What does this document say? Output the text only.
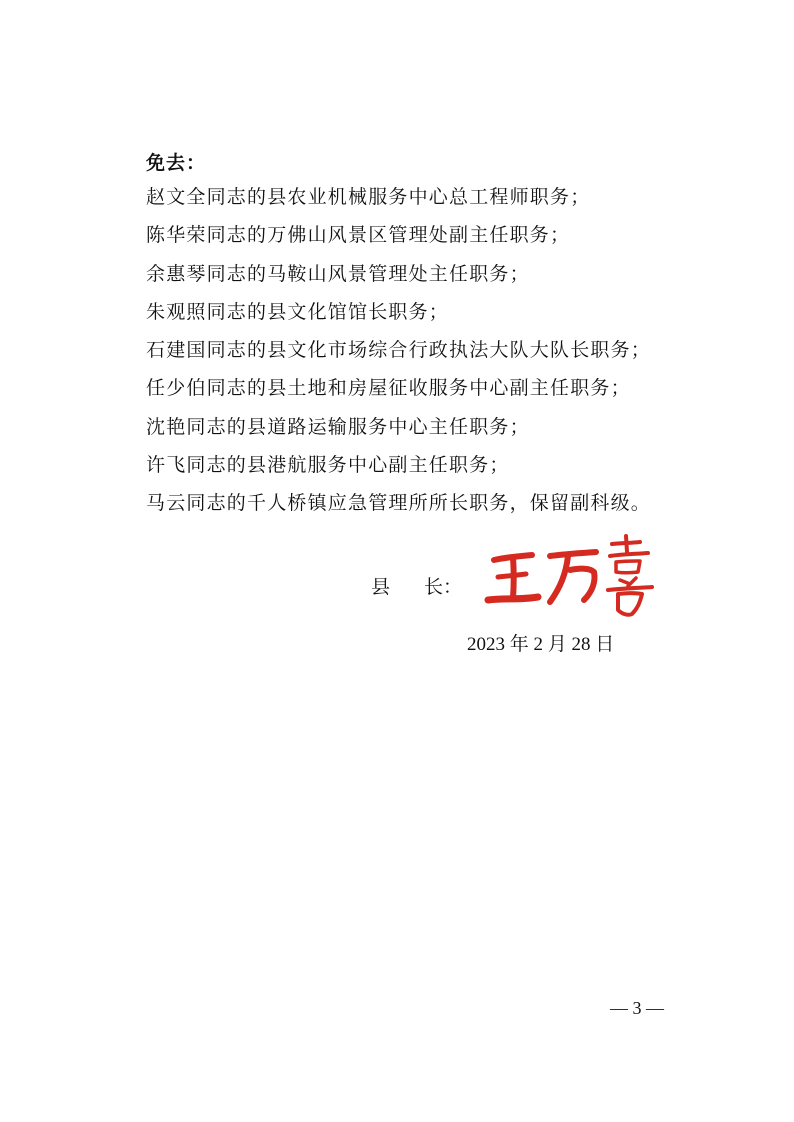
免去：
赵文全同志的县农业机械服务中心总工程师职务；
陈华荣同志的万佛山风景区管理处副主任职务；
余惠琴同志的马鞍山风景管理处主任职务；
朱观照同志的县文化馆馆长职务；
石建国同志的县文化市场综合行政执法大队大队长职务；
任少伯同志的县土地和房屋征收服务中心副主任职务；
沈艳同志的县道路运输服务中心主任职务；
许飞同志的县港航服务中心副主任职务；
马云同志的千人桥镇应急管理所所长职务，保留副科级。
县 长：
2023 年 2 月 28 日
— 3 —
